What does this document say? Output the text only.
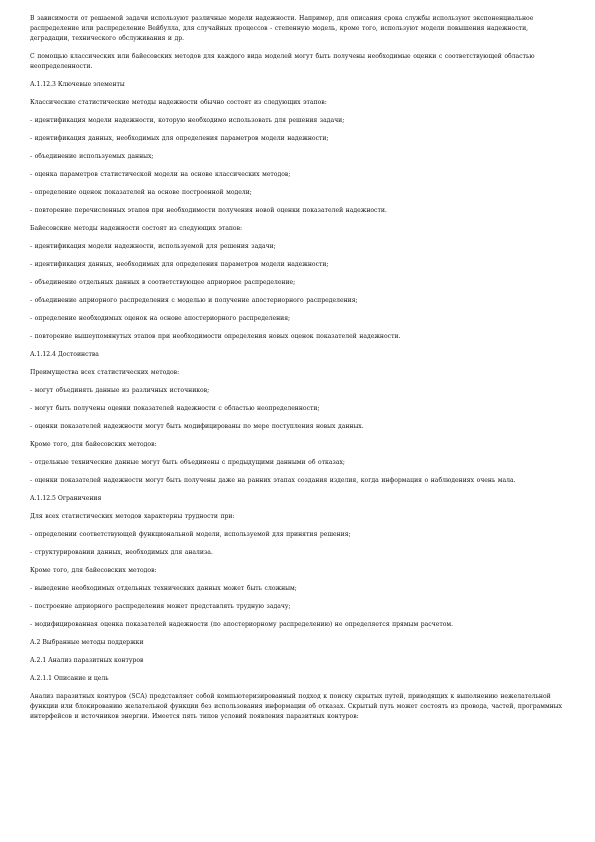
В зависимости от решаемой задачи используют различные модели надежности. Например, для описания срока службы используют экспоненциальное распределение или распределение Вейбулла, для случайных процессов - степенную модель, кроме того, используют модели повышения надежности, деградации, технического обслуживания и др.

С помощью классических или байесовских методов для каждого вида моделей могут быть получены необходимые оценки с соответствующей областью неопределенности.

А.1.12.3 Ключевые элементы

Классические статистические методы надежности обычно состоят из следующих этапов:

- идентификация модели надежности, которую необходимо использовать для решения задачи;

- идентификация данных, необходимых для определения параметров модели надежности;

- объединение используемых данных;

- оценка параметров статистической модели на основе классических методов;

- определение оценок показателей на основе построенной модели;

- повторение перечисленных этапов при необходимости получения новой оценки показателей надежности.

Байесовские методы надежности состоят из следующих этапов:

- идентификация модели надежности, используемой для решения задачи;

- идентификация данных, необходимых для определения параметров модели надежности;

- объединение отдельных данных в соответствующее априорное распределение;

- объединение априорного распределения с моделью и получение апостериорного распределения;

- определение необходимых оценок на основе апостериорного распределения;

- повторение вышеупомянутых этапов при необходимости определения новых оценок показателей надежности.

А.1.12.4 Достоинства

Преимущества всех статистических методов:

- могут объединять данные из различных источников;

- могут быть получены оценки показателей надежности с областью неопределенности;

- оценки показателей надежности могут быть модифицированы по мере поступления новых данных.

Кроме того, для байесовских методов:

- отдельные технические данные могут быть объединены с предыдущими данными об отказах;

- оценки показателей надежности могут быть получены даже на ранних этапах создания изделия, когда информация о наблюдениях очень мала.

А.1.12.5 Ограничения

Для всех статистических методов характерны трудности при:

- определении соответствующей функциональной модели, используемой для принятия решения;

- структурировании данных, необходимых для анализа.

Кроме того, для байесовских методов:

- выведение необходимых отдельных технических данных может быть сложным;

- построение априорного распределения может представлять трудную задачу;

- модифицированная оценка показателей надежности (по апостериорному распределению) не определяется прямым расчетом.

А.2 Выбранные методы поддержки

А.2.1 Анализ паразитных контуров

А.2.1.1 Описание и цель

Анализ паразитных контуров (SCA) представляет собой компьютеризированный подход к поиску скрытых путей, приводящих к выполнению нежелательной функции или блокированию желательной функции без использования информации об отказах. Скрытый путь может состоять из провода, частей, программных интерфейсов и источников энергии. Имеется пять типов условий появления паразитных контуров:
